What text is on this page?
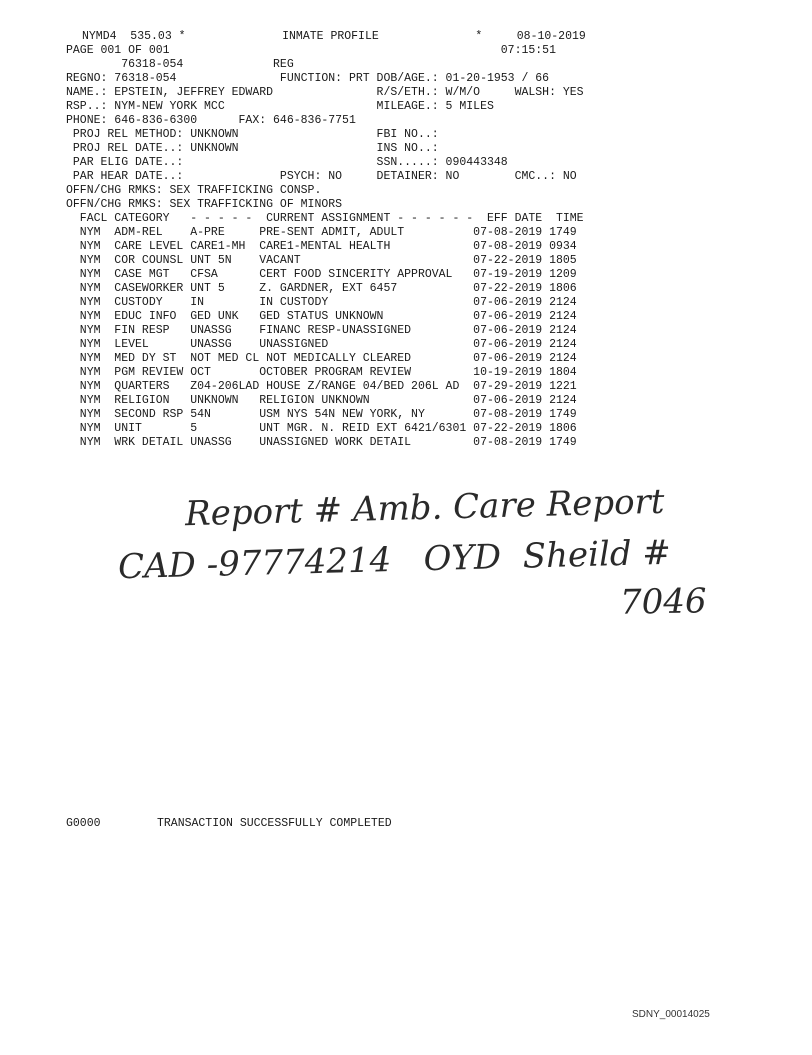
NYMD4  535.03 *              INMATE PROFILE              *     08-10-2019
PAGE 001 OF 001                                                07:15:51
76318-054             REG
REGNO: 76318-054               FUNCTION: PRT DOB/AGE.: 01-20-1953 / 66
NAME.: EPSTEIN, JEFFREY EDWARD               R/S/ETH.: W/M/O     WALSH: YES
RSP..: NYM-NEW YORK MCC                      MILEAGE.: 5 MILES
PHONE: 646-836-6300      FAX: 646-836-7751
PROJ REL METHOD: UNKNOWN                    FBI NO..:
PROJ REL DATE..: UNKNOWN                    INS NO..:
PAR ELIG DATE..:                            SSN.....: 090443348
PAR HEAR DATE..:              PSYCH: NO     DETAINER: NO        CMC..: NO
OFFN/CHG RMKS: SEX TRAFFICKING CONSP.
OFFN/CHG RMKS: SEX TRAFFICKING OF MINORS
FACL CATEGORY   - - - - -  CURRENT ASSIGNMENT - - - - - -  EFF DATE  TIME
NYM  ADM-REL    A-PRE     PRE-SENT ADMIT, ADULT          07-08-2019 1749
NYM  CARE LEVEL CARE1-MH  CARE1-MENTAL HEALTH            07-08-2019 0934
NYM  COR COUNSL UNT 5N    VACANT                         07-22-2019 1805
NYM  CASE MGT   CFSA      CERT FOOD SINCERITY APPROVAL   07-19-2019 1209
NYM  CASEWORKER UNT 5     Z. GARDNER, EXT 6457           07-22-2019 1806
NYM  CUSTODY    IN        IN CUSTODY                     07-06-2019 2124
NYM  EDUC INFO  GED UNK   GED STATUS UNKNOWN             07-06-2019 2124
NYM  FIN RESP   UNASSG    FINANC RESP-UNASSIGNED         07-06-2019 2124
NYM  LEVEL      UNASSG    UNASSIGNED                     07-06-2019 2124
NYM  MED DY ST  NOT MED CL NOT MEDICALLY CLEARED         07-06-2019 2124
NYM  PGM REVIEW OCT       OCTOBER PROGRAM REVIEW         10-19-2019 1804
NYM  QUARTERS   Z04-206LAD HOUSE Z/RANGE 04/BED 206L AD  07-29-2019 1221
NYM  RELIGION   UNKNOWN   RELIGION UNKNOWN               07-06-2019 2124
NYM  SECOND RSP 54N       USM NYS 54N NEW YORK, NY       07-08-2019 1749
NYM  UNIT       5         UNT MGR. N. REID EXT 6421/6301 07-22-2019 1806
NYM  WRK DETAIL UNASSG    UNASSIGNED WORK DETAIL         07-08-2019 1749
Report # Amb. Care Report
CAD -97774214   OYD  Sheild #
7046
G0000	TRANSACTION SUCCESSFULLY COMPLETED
SDNY_00014025
